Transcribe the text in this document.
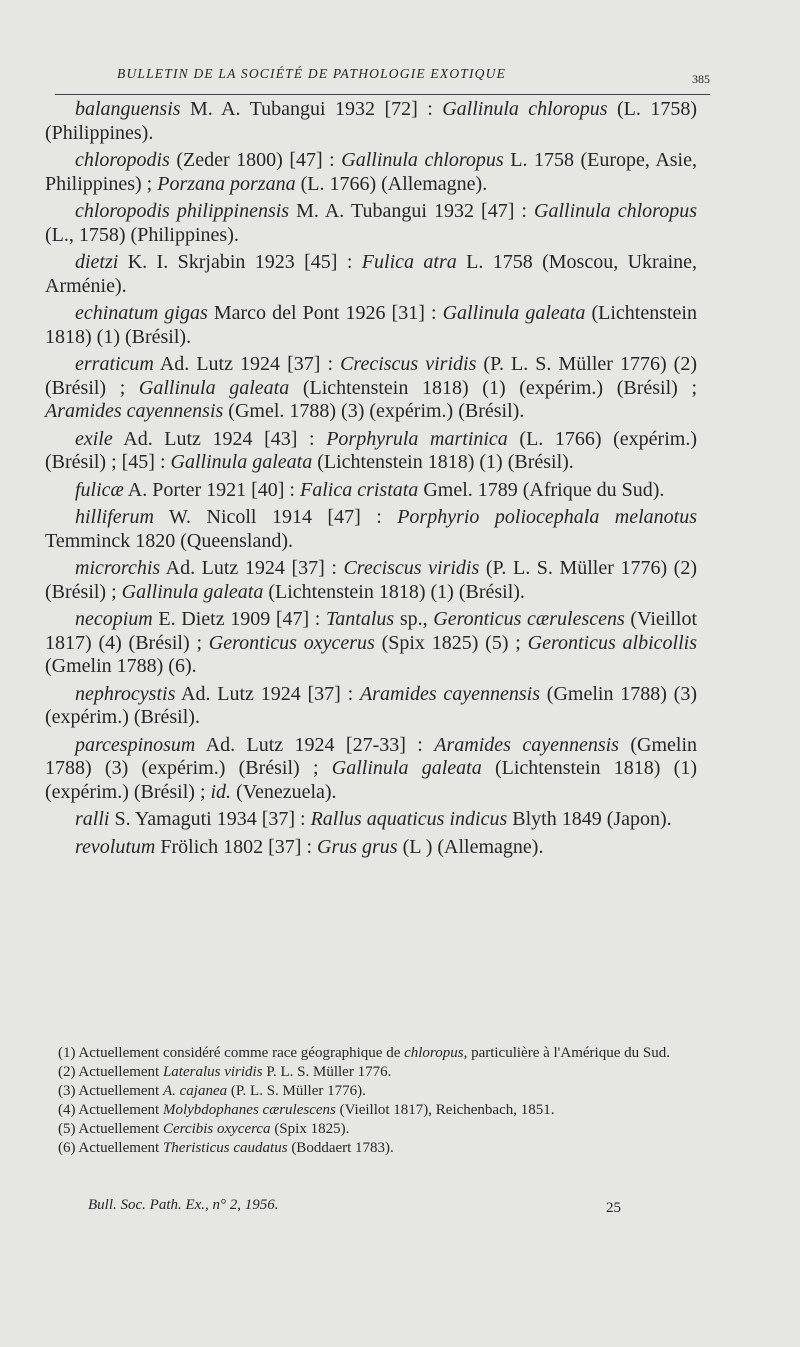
BULLETIN DE LA SOCIÉTÉ DE PATHOLOGIE EXOTIQUE	385

balanguensis M. A. Tubangui 1932 [72] : Gallinula chloropus (L. 1758) (Philippines).

chloropodis (Zeder 1800) [47] : Gallinula chloropus L. 1758 (Europe, Asie, Philippines) ; Porzana porzana (L. 1766) (Allemagne).

chloropodis philippinensis M. A. Tubangui 1932 [47] : Gallinula chloropus (L., 1758) (Philippines).

dietzi K. I. Skrjabin 1923 [45] : Fulica atra L. 1758 (Moscou, Ukraine, Arménie).

echinatum gigas Marco del Pont 1926 [31] : Gallinula galeata (Lichtenstein 1818) (1) (Brésil).

erraticum Ad. Lutz 1924 [37] : Creciscus viridis (P. L. S. Müller 1776) (2) (Brésil) ; Gallinula galeata (Lichtenstein 1818) (1) (expérim.) (Brésil) ; Aramides cayennensis (Gmel. 1788) (3) (expérim.) (Brésil).

exile Ad. Lutz 1924 [43] : Porphyrula martinica (L. 1766) (expérim.) (Brésil) ; [45] : Gallinula galeata (Lichtenstein 1818) (1) (Brésil).

fulicæ A. Porter 1921 [40] : Falica cristata Gmel. 1789 (Afrique du Sud).

hilliferum W. Nicoll 1914 [47] : Porphyrio poliocephala melanotus Temminck 1820 (Queensland).

microrchis Ad. Lutz 1924 [37] : Creciscus viridis (P. L. S. Müller 1776) (2) (Brésil) ; Gallinula galeata (Lichtenstein 1818) (1) (Brésil).

necopium E. Dietz 1909 [47] : Tantalus sp., Geronticus cærulescens (Vieillot 1817) (4) (Brésil) ; Geronticus oxycerus (Spix 1825) (5) ; Geronticus albicollis (Gmelin 1788) (6).

nephrocystis Ad. Lutz 1924 [37] : Aramides cayennensis (Gmelin 1788) (3) (expérim.) (Brésil).

parcespinosum Ad. Lutz 1924 [27-33] : Aramides cayennensis (Gmelin 1788) (3) (expérim.) (Brésil) ; Gallinula galeata (Lichtenstein 1818) (1) (expérim.) (Brésil) ; id. (Venezuela).

ralli S. Yamaguti 1934 [37] : Rallus aquaticus indicus Blyth 1849 (Japon).

revolutum Frölich 1802 [37] : Grus grus (L ) (Allemagne).

(1) Actuellement considéré comme race géographique de chloropus, particulière à l'Amérique du Sud.

(2) Actuellement Lateralus viridis P. L. S. Müller 1776.

(3) Actuellement A. cajanea (P. L. S. Müller 1776).

(4) Actuellement Molybdophanes cærulescens (Vieillot 1817), Reichenbach, 1851.

(5) Actuellement Cercibis oxycerca (Spix 1825).

(6) Actuellement Theristicus caudatus (Boddaert 1783).

Bull. Soc. Path. Ex., n° 2, 1956.	25
